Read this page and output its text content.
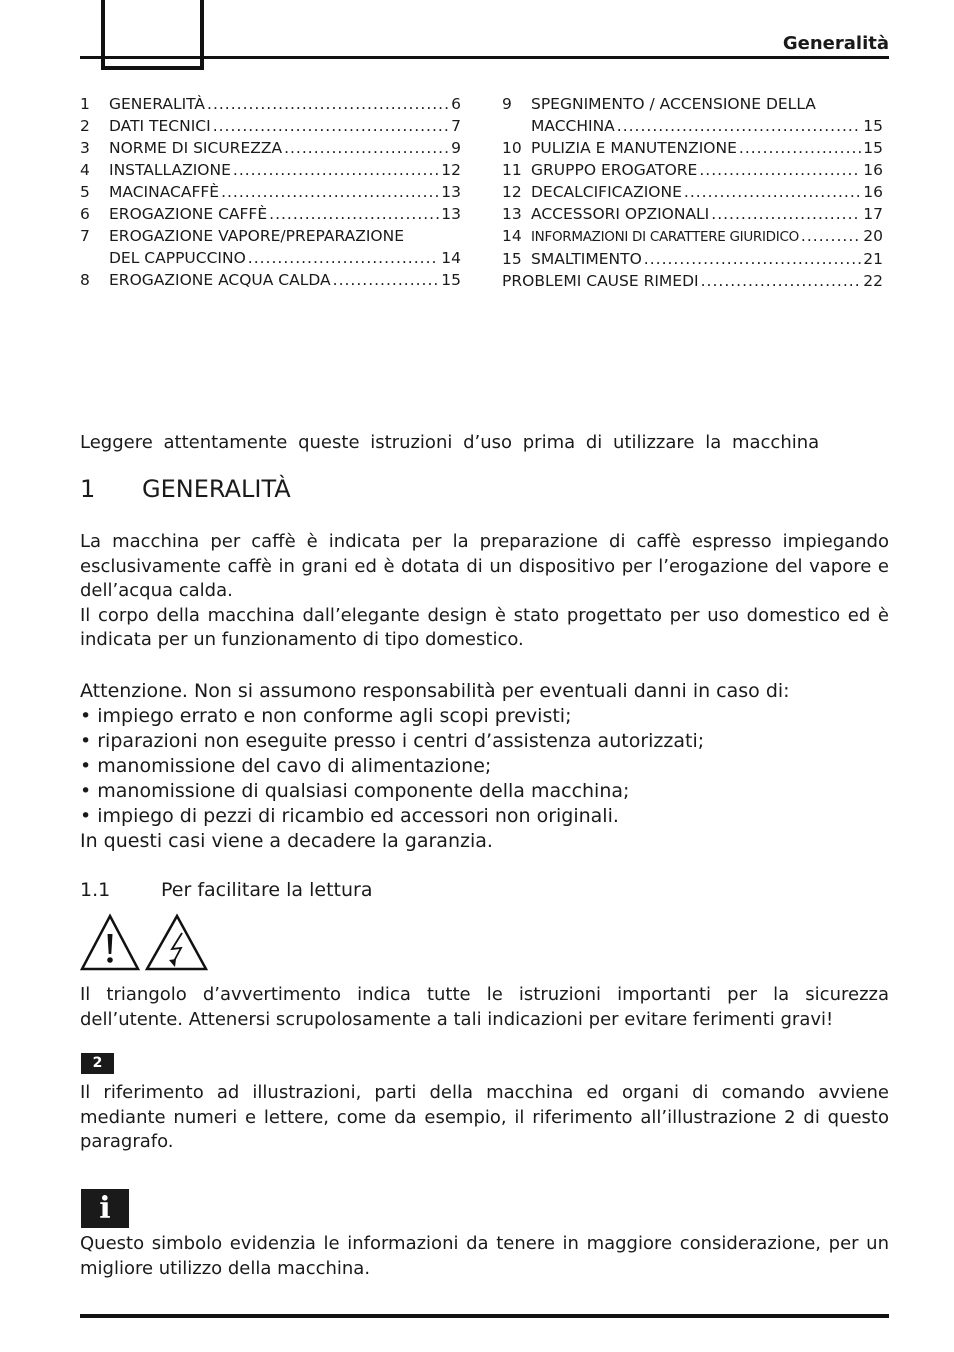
Generalità
1	GENERALITÀ .....	6
2	DATI TECNICI .....	7
3	NORME DI SICUREZZA .....	9
4	INSTALLAZIONE .....	12
5	MACINACAFFÈ .....	13
6	EROGAZIONE CAFFÈ .....	13
7	EROGAZIONE VAPORE/PREPARAZIONE
DEL CAPPUCCINO .....	14
8	EROGAZIONE ACQUA CALDA .....	15
9	SPEGNIMENTO / ACCENSIONE DELLA
MACCHINA .....	15
10 PULIZIA E MANUTENZIONE .....	15
11 GRUPPO EROGATORE .....	16
12 DECALCIFICAZIONE .....	16
13 ACCESSORI OPZIONALI .....	17
14 INFORMAZIONI DI CARATTERE GIURIDICO .....	20
15 SMALTIMENTO .....	21
PROBLEMI CAUSE RIMEDI .....	22
Leggere attentamente queste istruzioni d’uso prima di utilizzare la macchina
1 GENERALITÀ

La macchina per caffè è indicata per la preparazione di caffè espresso impiegando esclusivamente caffè in grani ed è dotata di un dispositivo per l’erogazione del vapore e dell’acqua calda.

Il corpo della macchina dall’elegante design è stato progettato per uso domestico ed è indicata per un funzionamento di tipo domestico.

Attenzione. Non si assumono responsabilità per eventuali danni in caso di:
• impiego errato e non conforme agli scopi previsti;
• riparazioni non eseguite presso i centri d’assistenza autorizzati;
• manomissione del cavo di alimentazione;
• manomissione di qualsiasi componente della macchina;
• impiego di pezzi di ricambio ed accessori non originali.
In questi casi viene a decadere la garanzia.
1.1	Per facilitare la lettura
Il triangolo d’avvertimento indica tutte le istruzioni importanti per la sicurezza dell’utente. Attenersi scrupolosamente a tali indicazioni per evitare ferimenti gravi!
2
Il riferimento ad illustrazioni, parti della macchina ed organi di comando avviene mediante numeri e lettere, come da esempio, il riferimento all’illustrazione 2 di questo paragrafo.
i
Questo simbolo evidenzia le informazioni da tenere in maggiore considerazione, per un migliore utilizzo della macchina.
